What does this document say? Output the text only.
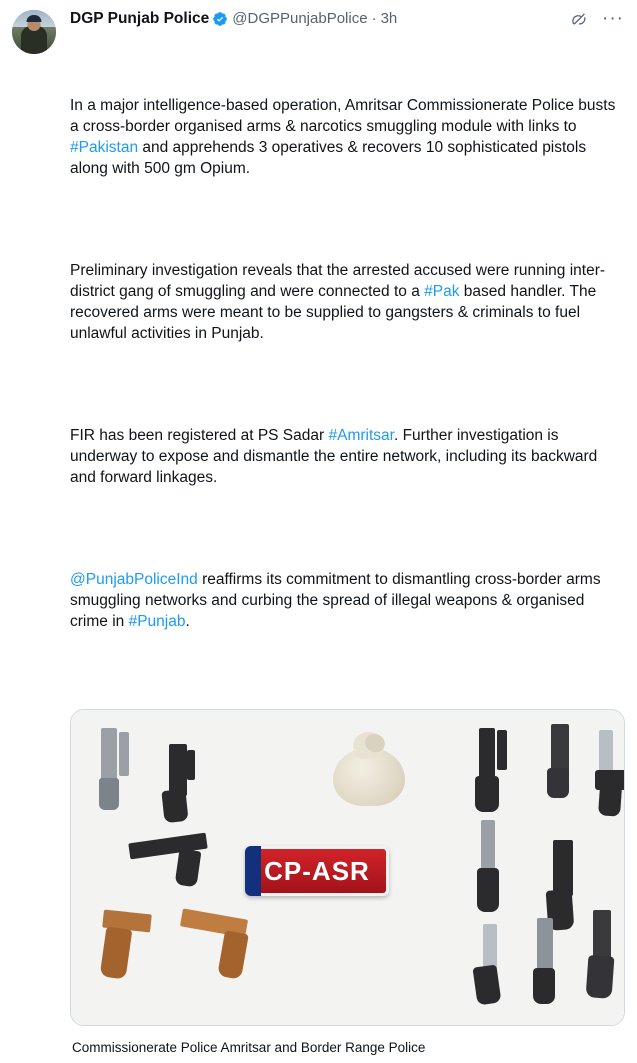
DGP Punjab Police @DGPPunjabPolice · 3h	···

In a major intelligence-based operation, Amritsar Commissionerate Police busts a cross-border organised arms & narcotics smuggling module with links to #Pakistan and apprehends 3 operatives & recovers 10 sophisticated pistols along with 500 gm Opium.

Preliminary investigation reveals that the arrested accused were running inter-district gang of smuggling and were connected to a #Pak based handler. The recovered arms were meant to be supplied to gangsters & criminals to fuel unlawful activities in Punjab.

FIR has been registered at PS Sadar #Amritsar. Further investigation is underway to expose and dismantle the entire network, including its backward and forward linkages.

@PunjabPoliceInd reaffirms its commitment to dismantling cross-border arms smuggling networks and curbing the spread of illegal weapons & organised crime in #Punjab.

CP-ASR
Commissionerate Police Amritsar and Border Range Police
